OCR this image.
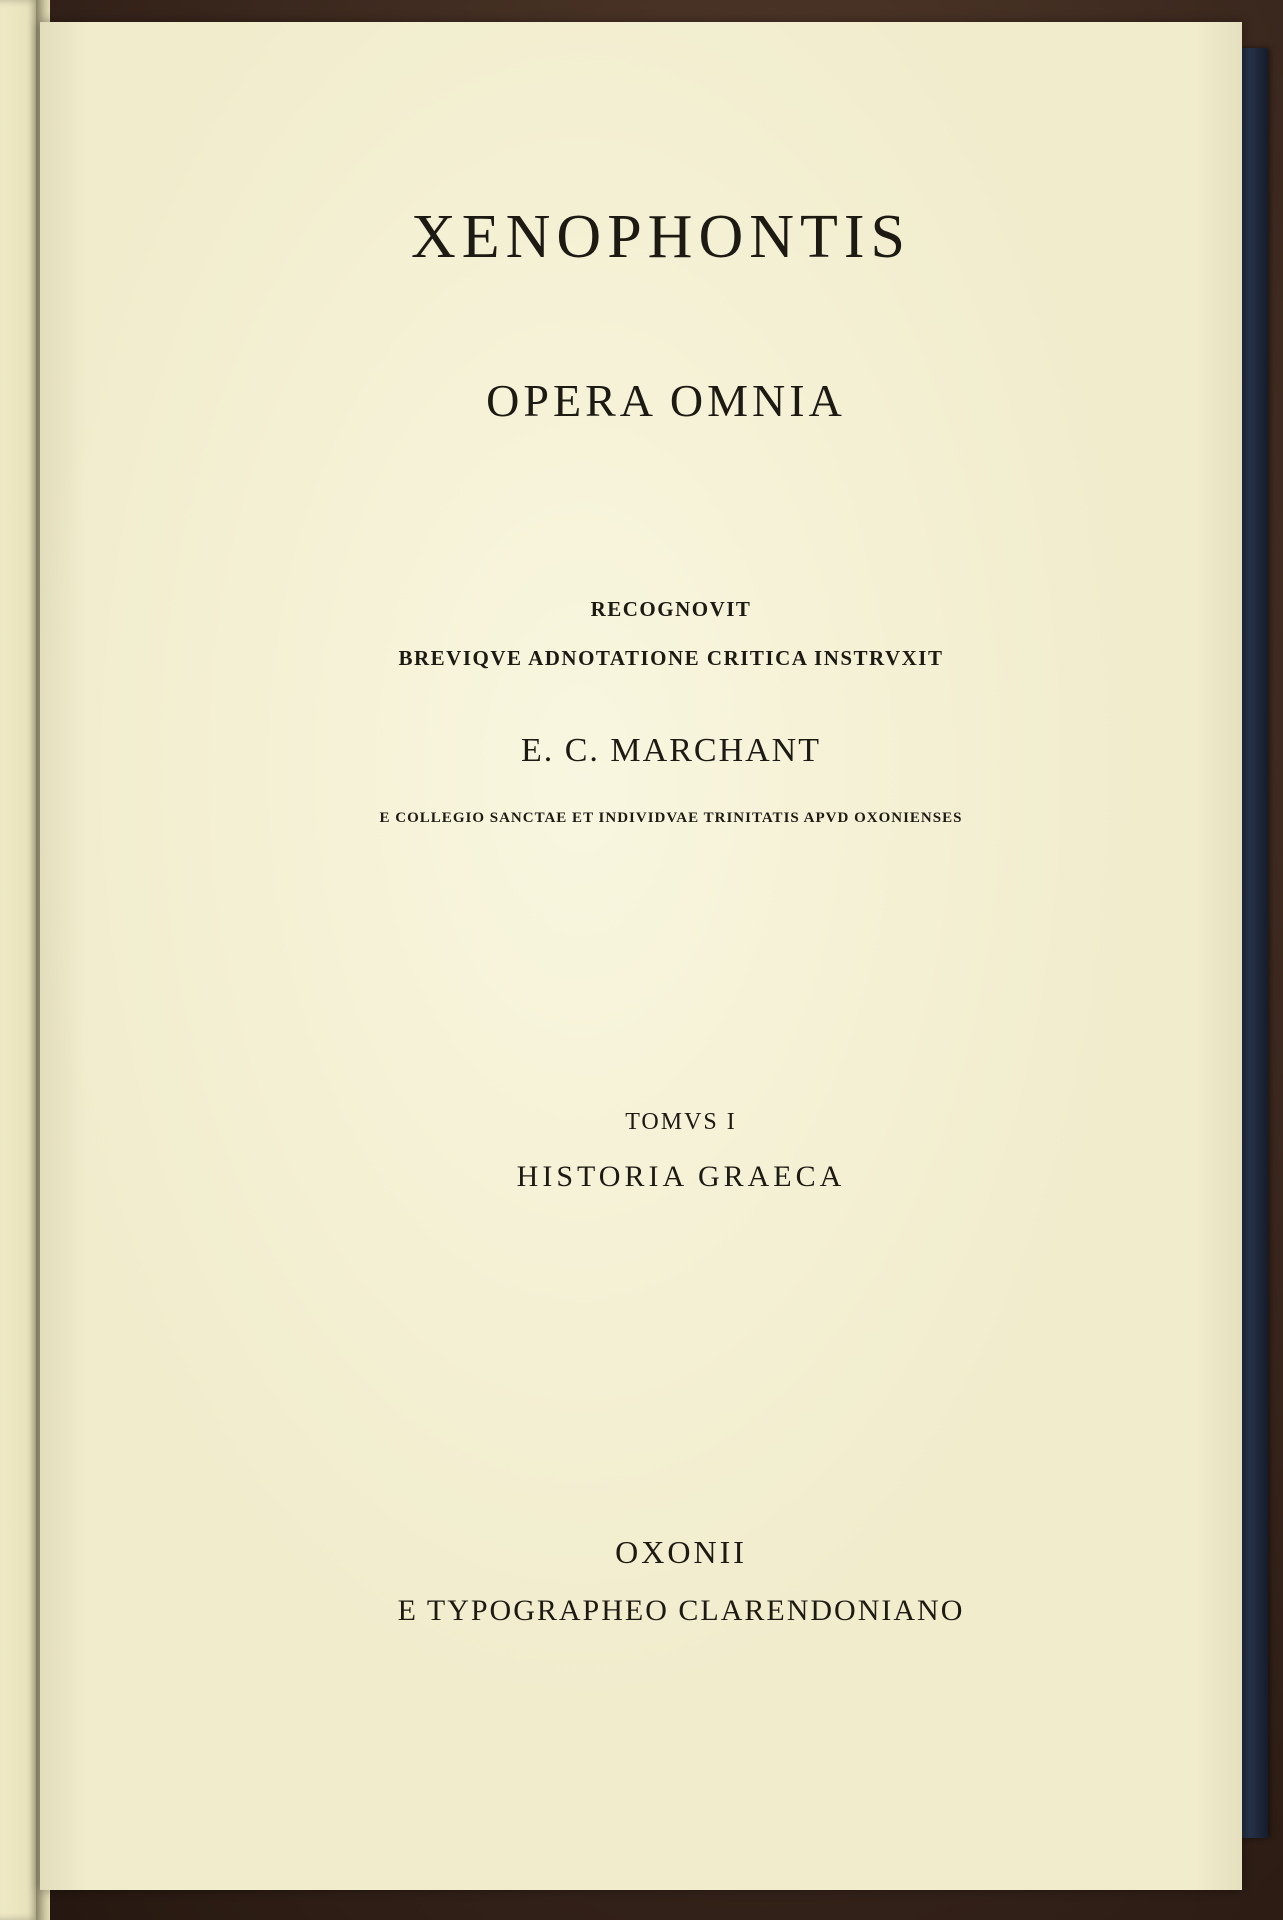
XENOPHONTIS
OPERA OMNIA

RECOGNOVIT

BREVIQVE ADNOTATIONE CRITICA INSTRVXIT

E. C. MARCHANT

E COLLEGIO SANCTAE ET INDIVIDVAE TRINITATIS APVD OXONIENSES

TOMVS I

HISTORIA GRAECA

OXONII

E TYPOGRAPHEO CLARENDONIANO
